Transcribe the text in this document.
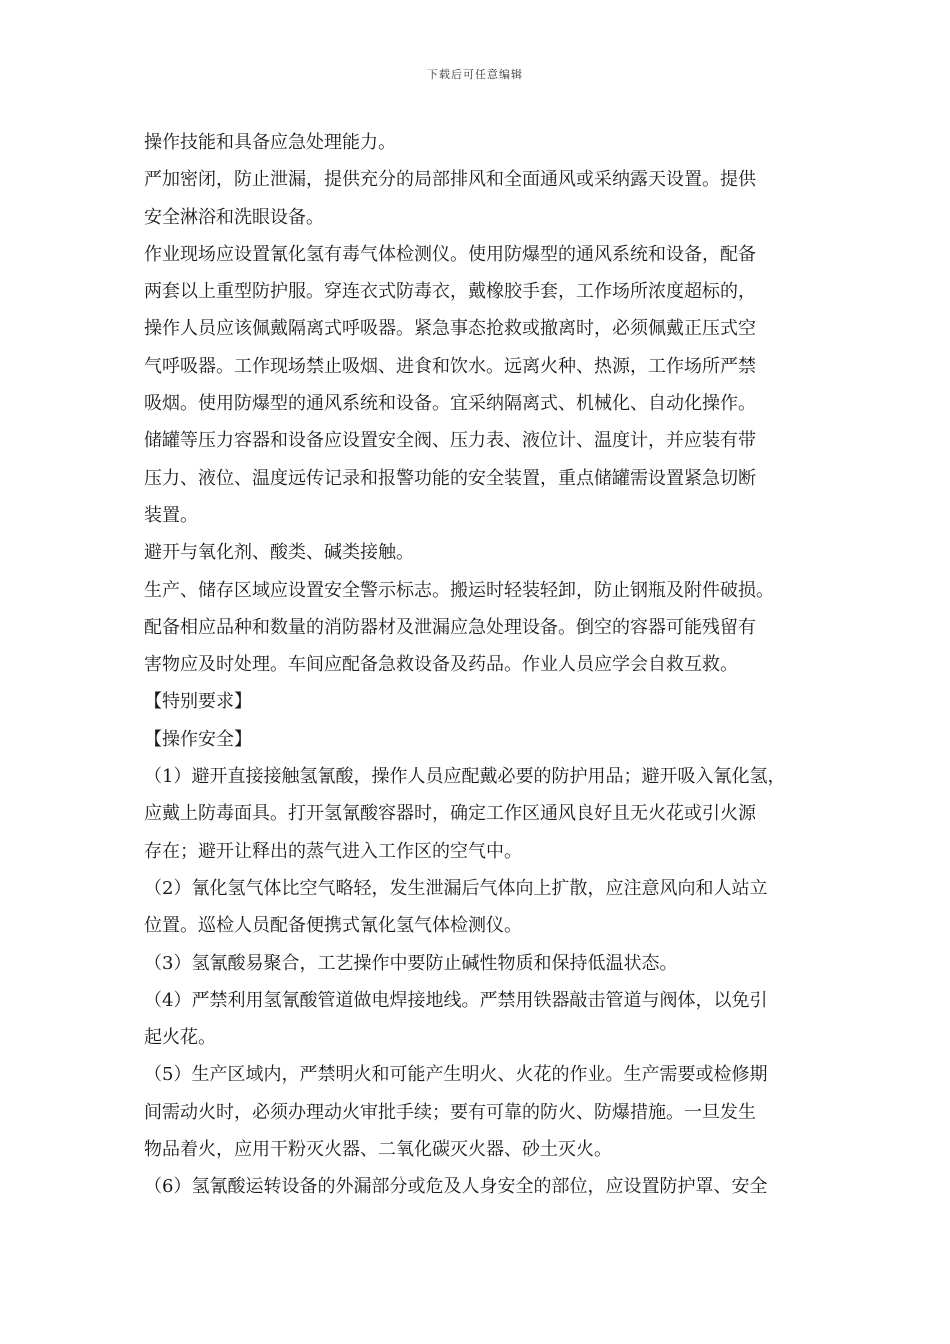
下载后可任意编辑
操作技能和具备应急处理能力。
严加密闭，防止泄漏，提供充分的局部排风和全面通风或采纳露天设置。提供
安全淋浴和洗眼设备。
作业现场应设置氰化氢有毒气体检测仪。使用防爆型的通风系统和设备，配备
两套以上重型防护服。穿连衣式防毒衣，戴橡胶手套，工作场所浓度超标的，
操作人员应该佩戴隔离式呼吸器。紧急事态抢救或撤离时，必须佩戴正压式空
气呼吸器。工作现场禁止吸烟、进食和饮水。远离火种、热源，工作场所严禁
吸烟。使用防爆型的通风系统和设备。宜采纳隔离式、机械化、自动化操作。
储罐等压力容器和设备应设置安全阀、压力表、液位计、温度计，并应装有带
压力、液位、温度远传记录和报警功能的安全装置，重点储罐需设置紧急切断
装置。
避开与氧化剂、酸类、碱类接触。
生产、储存区域应设置安全警示标志。搬运时轻装轻卸，防止钢瓶及附件破损。
配备相应品种和数量的消防器材及泄漏应急处理设备。倒空的容器可能残留有
害物应及时处理。车间应配备急救设备及药品。作业人员应学会自救互救。
【特别要求】
【操作安全】
（1）避开直接接触氢氰酸，操作人员应配戴必要的防护用品；避开吸入氰化氢，
应戴上防毒面具。打开氢氰酸容器时，确定工作区通风良好且无火花或引火源
存在；避开让释出的蒸气进入工作区的空气中。
（2）氰化氢气体比空气略轻，发生泄漏后气体向上扩散，应注意风向和人站立
位置。巡检人员配备便携式氰化氢气体检测仪。
（3）氢氰酸易聚合，工艺操作中要防止碱性物质和保持低温状态。
（4）严禁利用氢氰酸管道做电焊接地线。严禁用铁器敲击管道与阀体，以免引
起火花。
（5）生产区域内，严禁明火和可能产生明火、火花的作业。生产需要或检修期
间需动火时，必须办理动火审批手续；要有可靠的防火、防爆措施。一旦发生
物品着火，应用干粉灭火器、二氧化碳灭火器、砂土灭火。
（6）氢氰酸运转设备的外漏部分或危及人身安全的部位，应设置防护罩、安全
